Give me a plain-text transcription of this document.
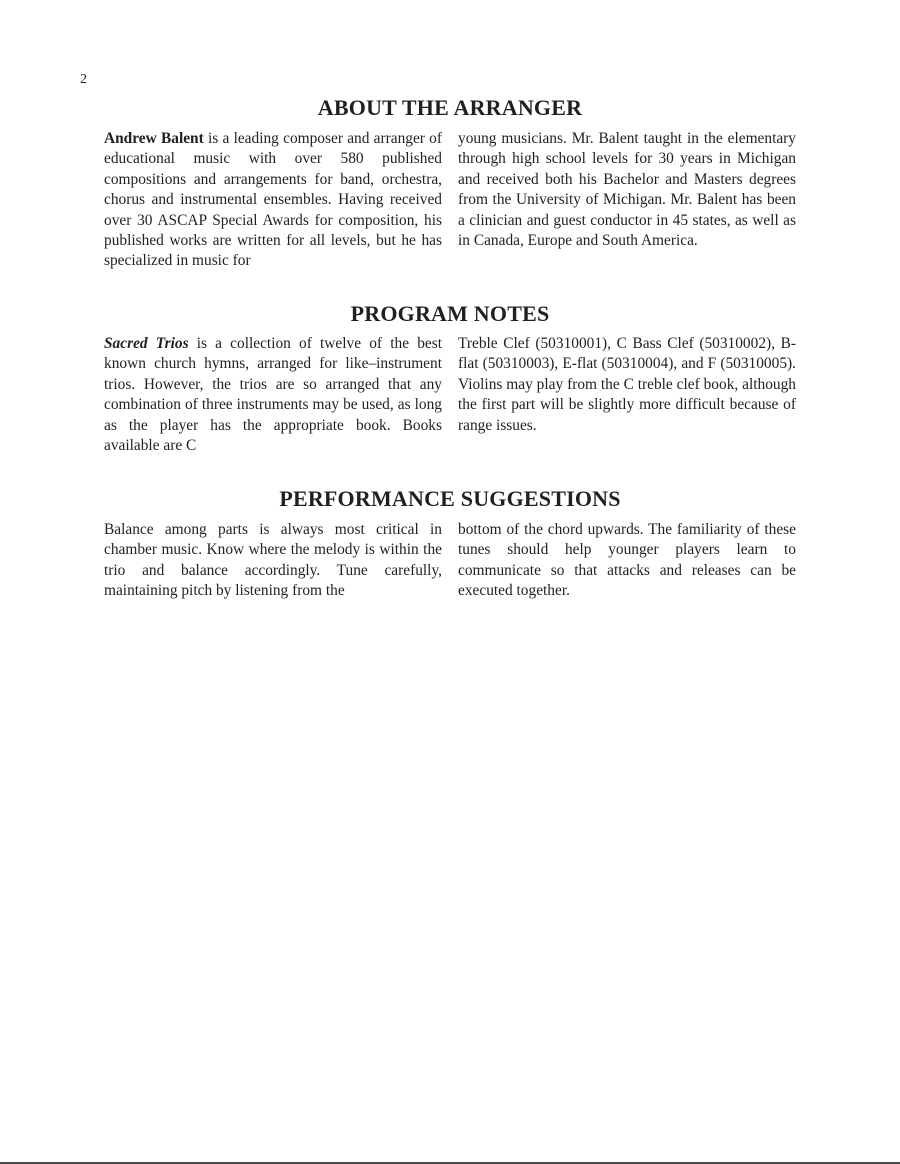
2
ABOUT THE ARRANGER

Andrew Balent is a leading composer and arranger of educational music with over 580 published compositions and arrangements for band, orchestra, chorus and instrumental ensembles. Having received over 30 ASCAP Special Awards for composition, his published works are written for all levels, but he has specialized in music for

young musicians. Mr. Balent taught in the elementary through high school levels for 30 years in Michigan and received both his Bachelor and Masters degrees from the University of Michigan. Mr. Balent has been a clinician and guest conductor in 45 states, as well as in Canada, Europe and South America.

PROGRAM NOTES

Sacred Trios is a collection of twelve of the best known church hymns, arranged for like–instrument trios. However, the trios are so arranged that any combination of three instruments may be used, as long as the player has the appropriate book. Books available are C

Treble Clef (50310001), C Bass Clef (50310002), B-flat (50310003), E-flat (50310004), and F (50310005). Violins may play from the C treble clef book, although the first part will be slightly more difficult because of range issues.

PERFORMANCE SUGGESTIONS

Balance among parts is always most critical in chamber music. Know where the melody is within the trio and balance accordingly. Tune carefully, maintaining pitch by listening from the

bottom of the chord upwards. The familiarity of these tunes should help younger players learn to communicate so that attacks and releases can be executed together.
